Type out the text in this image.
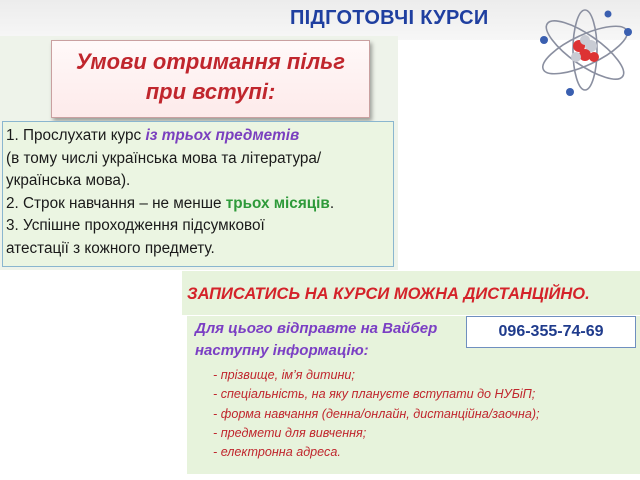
ПІДГОТОВЧІ КУРСИ
Умови отримання пільг
при вступі:
1. Прослухати курс із трьох предметів
(в тому числі українська мова та література/
українська мова).
2. Строк навчання – не менше трьох місяців.
3. Успішне проходження підсумкової
атестації з кожного предмету.
ЗАПИСАТИСЬ НА КУРСИ МОЖНА ДИСТАНЦІЙНО.
Для цього відправте на Вайбер
наступну інформацію:
096-355-74-69
- прізвище, ім’я дитини;
- спеціальність, на яку плануєте вступати до НУБіП;
- форма навчання (денна/онлайн, дистанційна/заочна);
- предмети для вивчення;
- електронна адреса.
